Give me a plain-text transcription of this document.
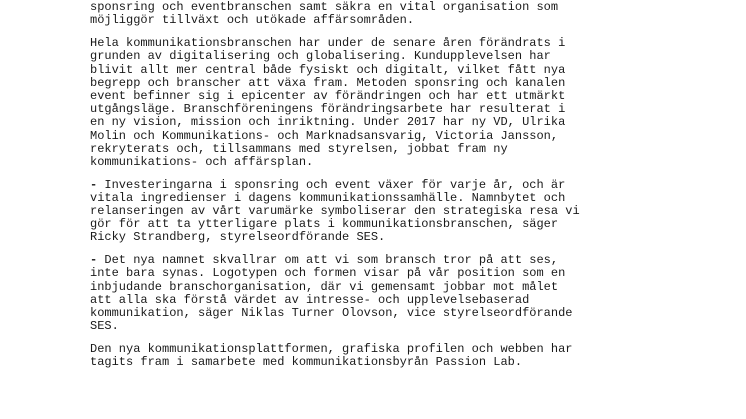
sponsring och eventbranschen samt säkra en vital organisation som
möjliggör tillväxt och utökade affärsområden.
Hela kommunikationsbranschen har under de senare åren förändrats i
grunden av digitalisering och globalisering. Kundupplevelsen har
blivit allt mer central både fysiskt och digitalt, vilket fått nya
begrepp och branscher att växa fram. Metoden sponsring och kanalen
event befinner sig i epicenter av förändringen och har ett utmärkt
utgångsläge. Branschföreningens förändringsarbete har resulterat i
en ny vision, mission och inriktning. Under 2017 har ny VD, Ulrika
Molin och Kommunikations- och Marknadsansvarig, Victoria Jansson,
rekryterats och, tillsammans med styrelsen, jobbat fram ny
kommunikations- och affärsplan.
- Investeringarna i sponsring och event växer för varje år, och är
vitala ingredienser i dagens kommunikationssamhälle. Namnbytet och
relanseringen av vårt varumärke symboliserar den strategiska resa vi
gör för att ta ytterligare plats i kommunikationsbranschen, säger
Ricky Strandberg, styrelseordförande SES.
- Det nya namnet skvallrar om att vi som bransch tror på att ses,
inte bara synas. Logotypen och formen visar på vår position som en
inbjudande branschorganisation, där vi gemensamt jobbar mot målet
att alla ska förstå värdet av intresse- och upplevelsebaserad
kommunikation, säger Niklas Turner Olovson, vice styrelseordförande
SES.
Den nya kommunikationsplattformen, grafiska profilen och webben har
tagits fram i samarbete med kommunikationsbyrån Passion Lab.
